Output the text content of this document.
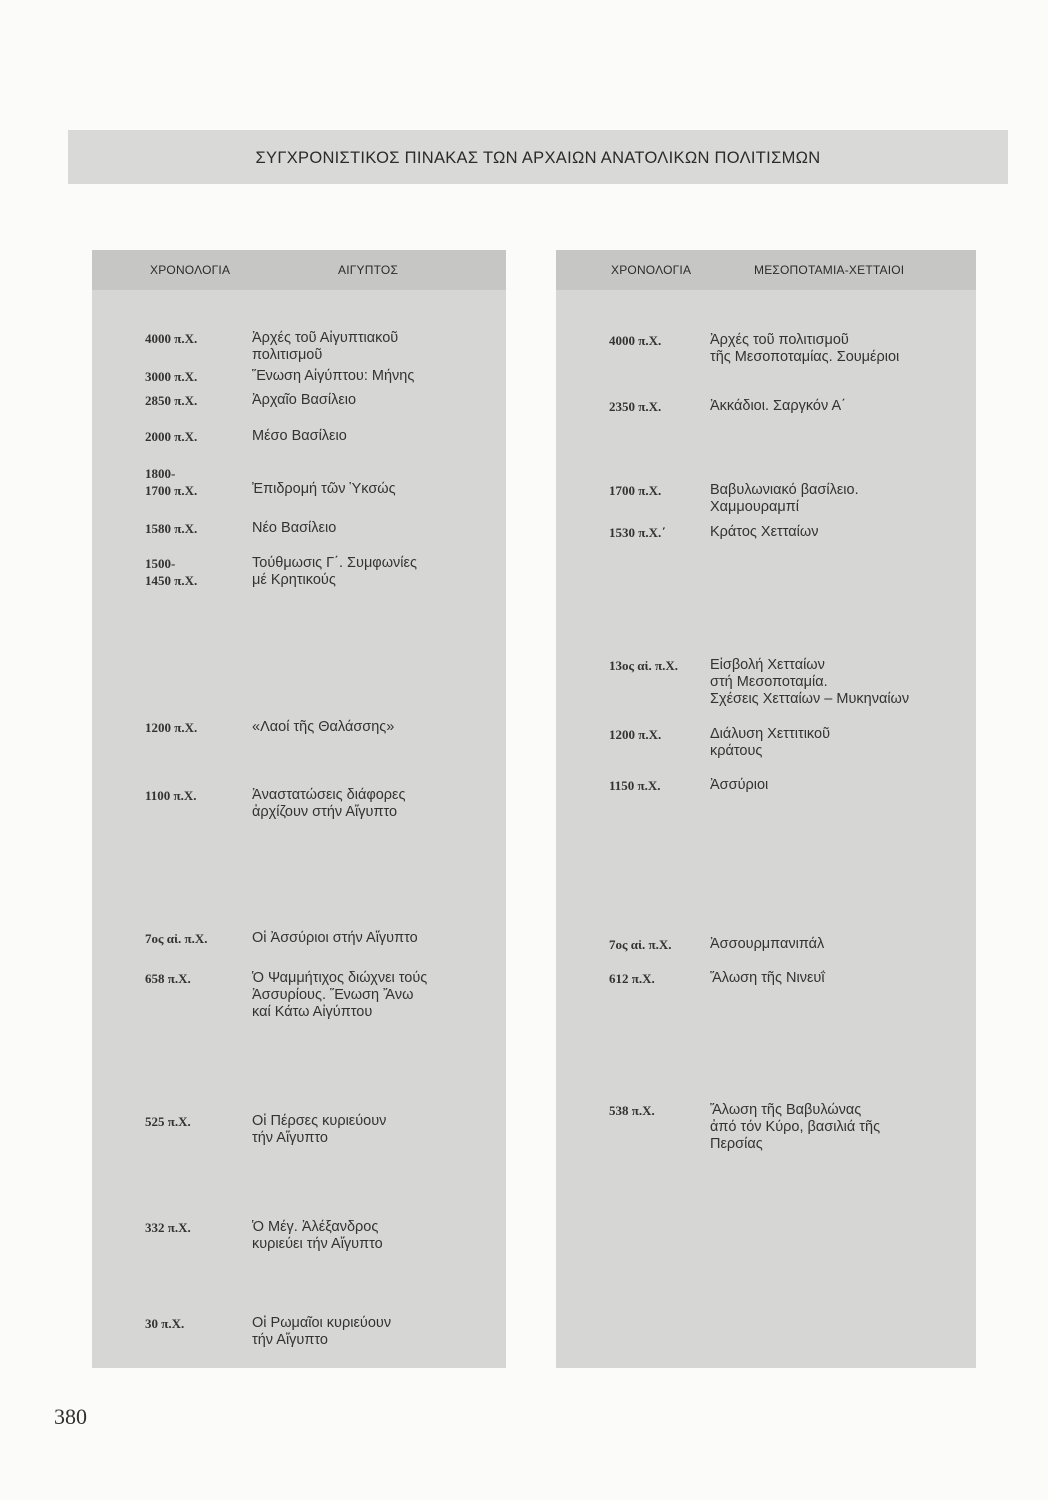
ΣΥΓΧΡΟΝΙΣΤΙΚΟΣ ΠΙΝΑΚΑΣ ΤΩΝ ΑΡΧΑΙΩΝ ΑΝΑΤΟΛΙΚΩΝ ΠΟΛΙΤΙΣΜΩΝ
ΧΡΟΝΟΛΟΓΙΑ	ΑΙΓΥΠΤΟΣ	ΧΡΟΝΟΛΟΓΙΑ	ΜΕΣΟΠΟΤΑΜΙΑ-ΧΕΤΤΑΙΟΙ
4000 π.Χ.	Ἀρχές τοῦ Αἰγυπτιακοῦ
πολιτισμοῦ
3000 π.Χ.	Ἕνωση Αἰγύπτου: Μήνης
2850 π.Χ.	Ἀρχαῖο Βασίλειο
2000 π.Χ.	Μέσο Βασίλειο
1800-
1700 π.Χ.	Ἐπιδρομή τῶν Ὑκσώς
1580 π.Χ.	Νέο Βασίλειο
1500-
1450 π.Χ.
Τούθμωσις Γ΄. Συμφωνίες
μέ Κρητικούς
1200 π.Χ.	«Λαοί τῆς Θαλάσσης»
1100 π.Χ.	Ἀναστατώσεις διάφορες
ἀρχίζουν στήν Αἴγυπτο
7ος αἰ. π.Χ.	Οἱ Ἀσσύριοι στήν Αἴγυπτο
658 π.Χ.	Ὁ Ψαμμήτιχος διώχνει τούς
Ἀσσυρίους. Ἕνωση Ἄνω
καί Κάτω Αἰγύπτου
525 π.Χ.	Οἱ Πέρσες κυριεύουν
τήν Αἴγυπτο
332 π.Χ.	Ὁ Μέγ. Ἀλέξανδρος
κυριεύει τήν Αἴγυπτο
30 π.Χ.	Οἱ Ρωμαῖοι κυριεύουν
τήν Αἴγυπτο
4000 π.Χ.	Ἀρχές τοῦ πολιτισμοῦ
τῆς Μεσοποταμίας. Σουμέριοι
2350 π.Χ.	Ἀκκάδιοι. Σαργκόν Α΄
1700 π.Χ.	Βαβυλωνιακό βασίλειο.
Χαμμουραμπί
1530 π.Χ.΄	Κράτος Χετταίων
13ος αἰ. π.Χ. Εἰσβολή Χετταίων
στή Μεσοποταμία.
Σχέσεις Χετταίων – Μυκηναίων
1200 π.Χ.	Διάλυση Χεττιτικοῦ
κράτους
1150 π.Χ.	Ἀσσύριοι
7ος αἰ. π.Χ.	Ἀσσουρμπανιπάλ
612 π.Χ.	Ἅλωση τῆς Νινευΐ
538 π.Χ.	Ἅλωση τῆς Βαβυλώνας
ἀπό τόν Κύρο, βασιλιά τῆς
Περσίας
380
